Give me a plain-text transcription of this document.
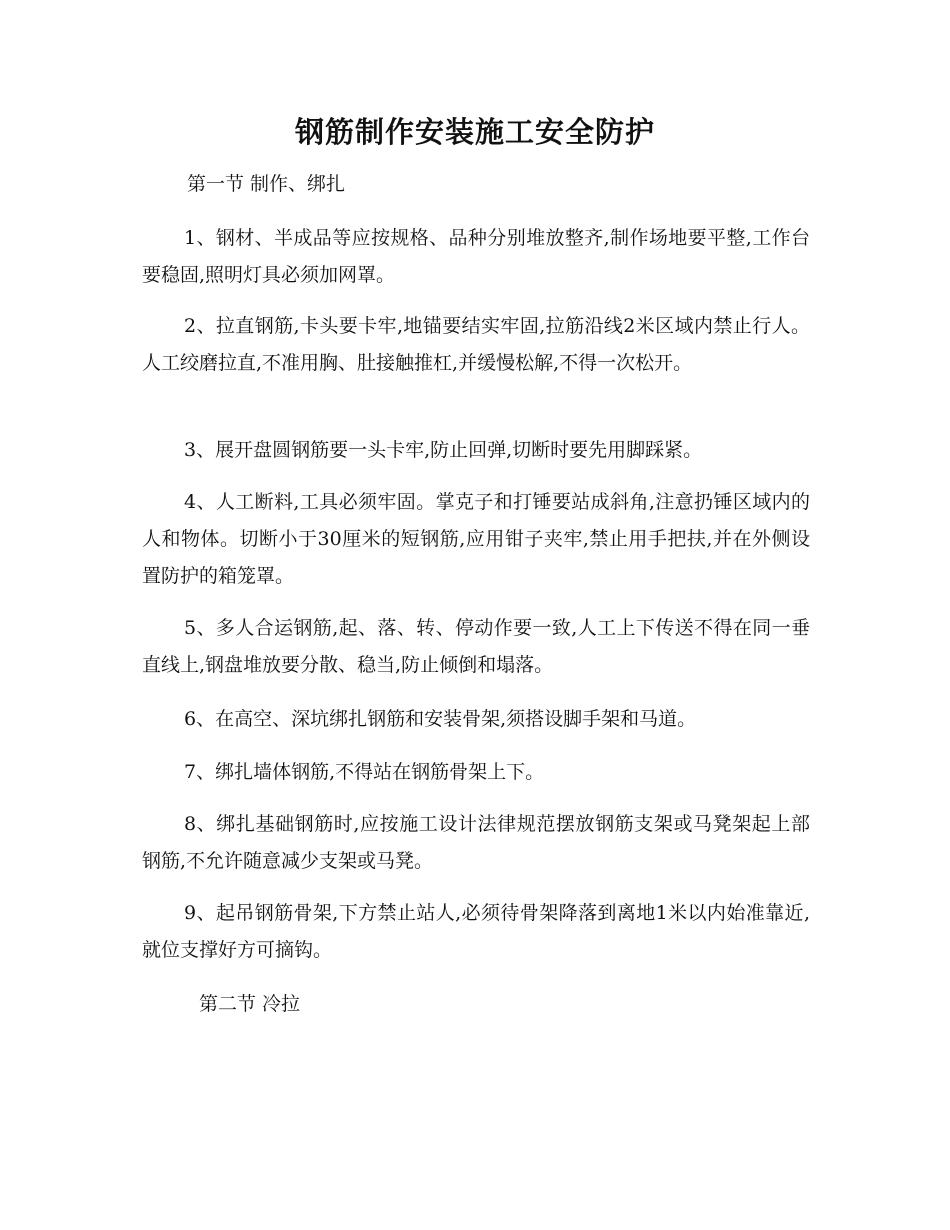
钢筋制作安装施工安全防护

第一节 制作、绑扎

1、钢材、半成品等应按规格、品种分别堆放整齐,制作场地要平整,工作台要稳固,照明灯具必须加网罩。

2、拉直钢筋,卡头要卡牢,地锚要结实牢固,拉筋沿线2米区域内禁止行人。人工绞磨拉直,不准用胸、肚接触推杠,并缓慢松解,不得一次松开。

3、展开盘圆钢筋要一头卡牢,防止回弹,切断时要先用脚踩紧。

4、人工断料,工具必须牢固。掌克子和打锤要站成斜角,注意扔锤区域内的人和物体。切断小于30厘米的短钢筋,应用钳子夹牢,禁止用手把扶,并在外侧设置防护的箱笼罩。

5、多人合运钢筋,起、落、转、停动作要一致,人工上下传送不得在同一垂直线上,钢盘堆放要分散、稳当,防止倾倒和塌落。

6、在高空、深坑绑扎钢筋和安装骨架,须搭设脚手架和马道。

7、绑扎墙体钢筋,不得站在钢筋骨架上下。

8、绑扎基础钢筋时,应按施工设计法律规范摆放钢筋支架或马凳架起上部钢筋,不允许随意减少支架或马凳。

9、起吊钢筋骨架,下方禁止站人,必须待骨架降落到离地1米以内始准靠近,就位支撑好方可摘钩。

第二节 冷拉
